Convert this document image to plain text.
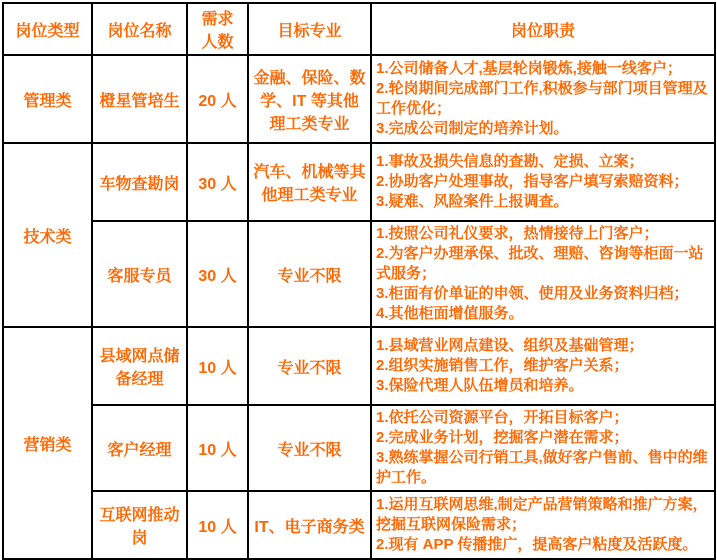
岗位类型	岗位名称	需求人数	目标专业	岗位职责
管理类	橙星管培生	20 人	金融、保险、数学、IT 等其他理工类专业	1.公司储备人才,基层轮岗锻炼,接触一线客户；
2.轮岗期间完成部门工作,积极参与部门项目管理及工作优化；
3.完成公司制定的培养计划。

技术类	车物查勘岗	30 人	汽车、机械等其他理工类专业	1.事故及损失信息的查勘、定损、立案；
2.协助客户处理事故，指导客户填写索赔资料；
3.疑难、风险案件上报调查。

	客服专员	30 人	专业不限	1.按照公司礼仪要求，热情接待上门客户；
2.为客户办理承保、批改、理赔、咨询等柜面一站式服务；
3.柜面有价单证的申领、使用及业务资料归档；
4.其他柜面增值服务。

营销类	县域网点储备经理	10 人	专业不限	1.县域营业网点建设、组织及基础管理；
2.组织实施销售工作，维护客户关系；
3.保险代理人队伍增员和培养。

	客户经理	10 人	专业不限	1.依托公司资源平台，开拓目标客户；
2.完成业务计划，挖掘客户潜在需求；
3.熟练掌握公司行销工具,做好客户售前、售中的维护工作。

	互联网推动岗	10 人	IT、电子商务类	1.运用互联网思维,制定产品营销策略和推广方案，挖掘互联网保险需求；
2.现有 APP 传播推广，提高客户粘度及活跃度。
